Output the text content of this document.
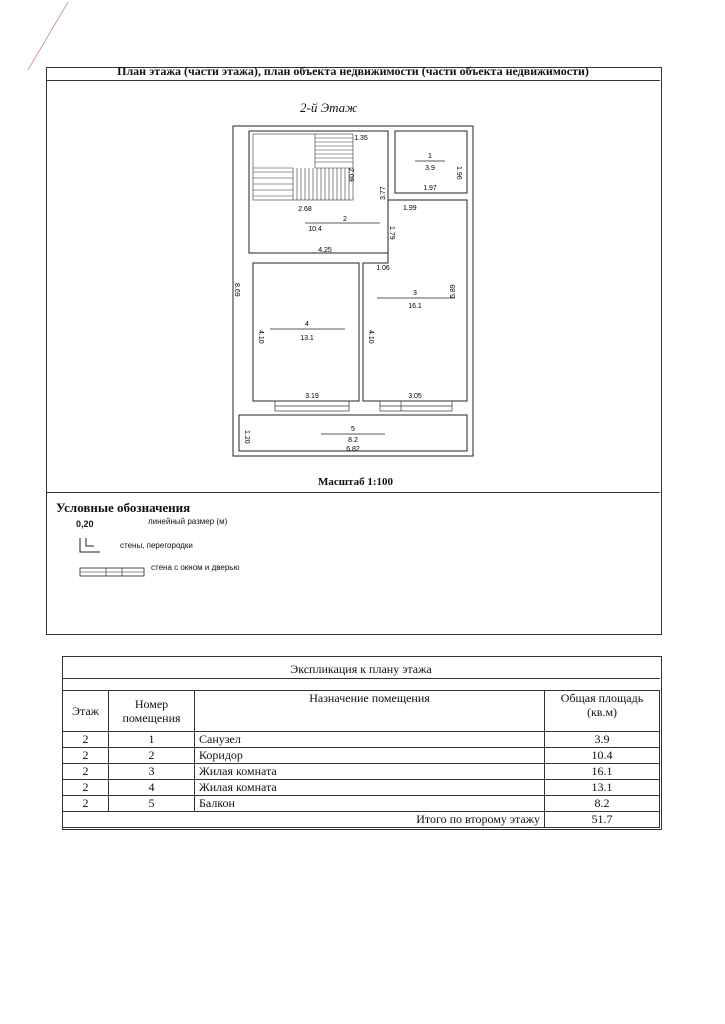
План этажа (части этажа), план объекта недвижимости (части объекта недвижимости)
2-й Этаж
1
3.9
2
10.4
3
16.1
4
13.1
5
8.2
1.35
2.09	1.96
1.97
2.68
3.77
1.99
1.79
4.25
1.06
8.69	5.89
4.10	4.10
3.19	3.05
1.20
6.82
Масштаб 1:100
Условные обозначения
0,20	линейный размер (м)
стены, перегородки
стена с окном и дверью
Экспликация к плану этажа
Этаж	Номер помещения	Назначение помещения	Общая площадь (кв.м)
2	1	Санузел	3.9
2	2	Коридор	10.4
2	3	Жилая комната	16.1
2	4	Жилая комната	13.1
2	5	Балкон	8.2
Итого по второму этажу			51.7
